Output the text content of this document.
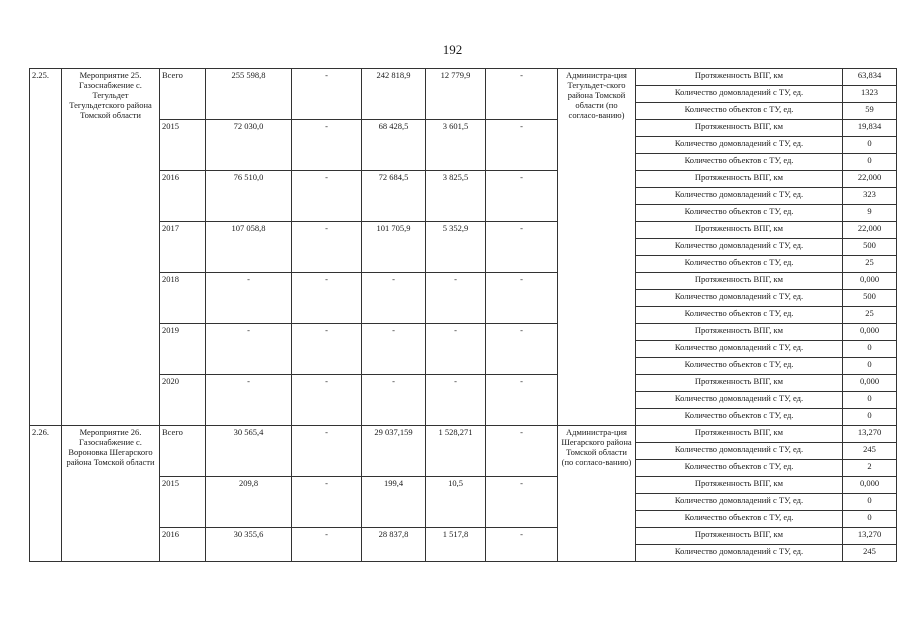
192
2.25.	Мероприятие 25. Газоснабжение с. Тегульдет Тегульдетского района Томской области	Всего	255 598,8	-	242 818,9	12 779,9	-	Администра-ция Тегульдет-ского района Томской области (по согласо-ванию)	Протяженность ВПГ, км	63,834
									Количество домовладений с ТУ, ед.	1323
									Количество объектов с ТУ, ед.	59
		2015	72 030,0	-	68 428,5	3 601,5	-		Протяженность ВПГ, км	19,834
									Количество домовладений с ТУ, ед.	0
									Количество объектов с ТУ, ед.	0
		2016	76 510,0	-	72 684,5	3 825,5	-		Протяженность ВПГ, км	22,000
									Количество домовладений с ТУ, ед.	323
									Количество объектов с ТУ, ед.	9
		2017	107 058,8	-	101 705,9	5 352,9	-		Протяженность ВПГ, км	22,000
									Количество домовладений с ТУ, ед.	500
									Количество объектов с ТУ, ед.	25
		2018	-	-	-	-	-		Протяженность ВПГ, км	0,000
									Количество домовладений с ТУ, ед.	500
									Количество объектов с ТУ, ед.	25
		2019	-	-	-	-	-		Протяженность ВПГ, км	0,000
									Количество домовладений с ТУ, ед.	0
									Количество объектов с ТУ, ед.	0
		2020	-	-	-	-	-		Протяженность ВПГ, км	0,000
									Количество домовладений с ТУ, ед.	0
									Количество объектов с ТУ, ед.	0
2.26.	Мероприятие 26. Газоснабжение с. Вороновка Шегарского района Томской области	Всего	30 565,4	-	29 037,159	1 528,271	-	Администра-ция Шегарского района Томской области (по согласо-ванию)	Протяженность ВПГ, км	13,270
									Количество домовладений с ТУ, ед.	245
									Количество объектов с ТУ, ед.	2
		2015	209,8	-	199,4	10,5	-		Протяженность ВПГ, км	0,000
									Количество домовладений с ТУ, ед.	0
									Количество объектов с ТУ, ед.	0
		2016	30 355,6	-	28 837,8	1 517,8	-		Протяженность ВПГ, км	13,270
									Количество домовладений с ТУ, ед.	245
